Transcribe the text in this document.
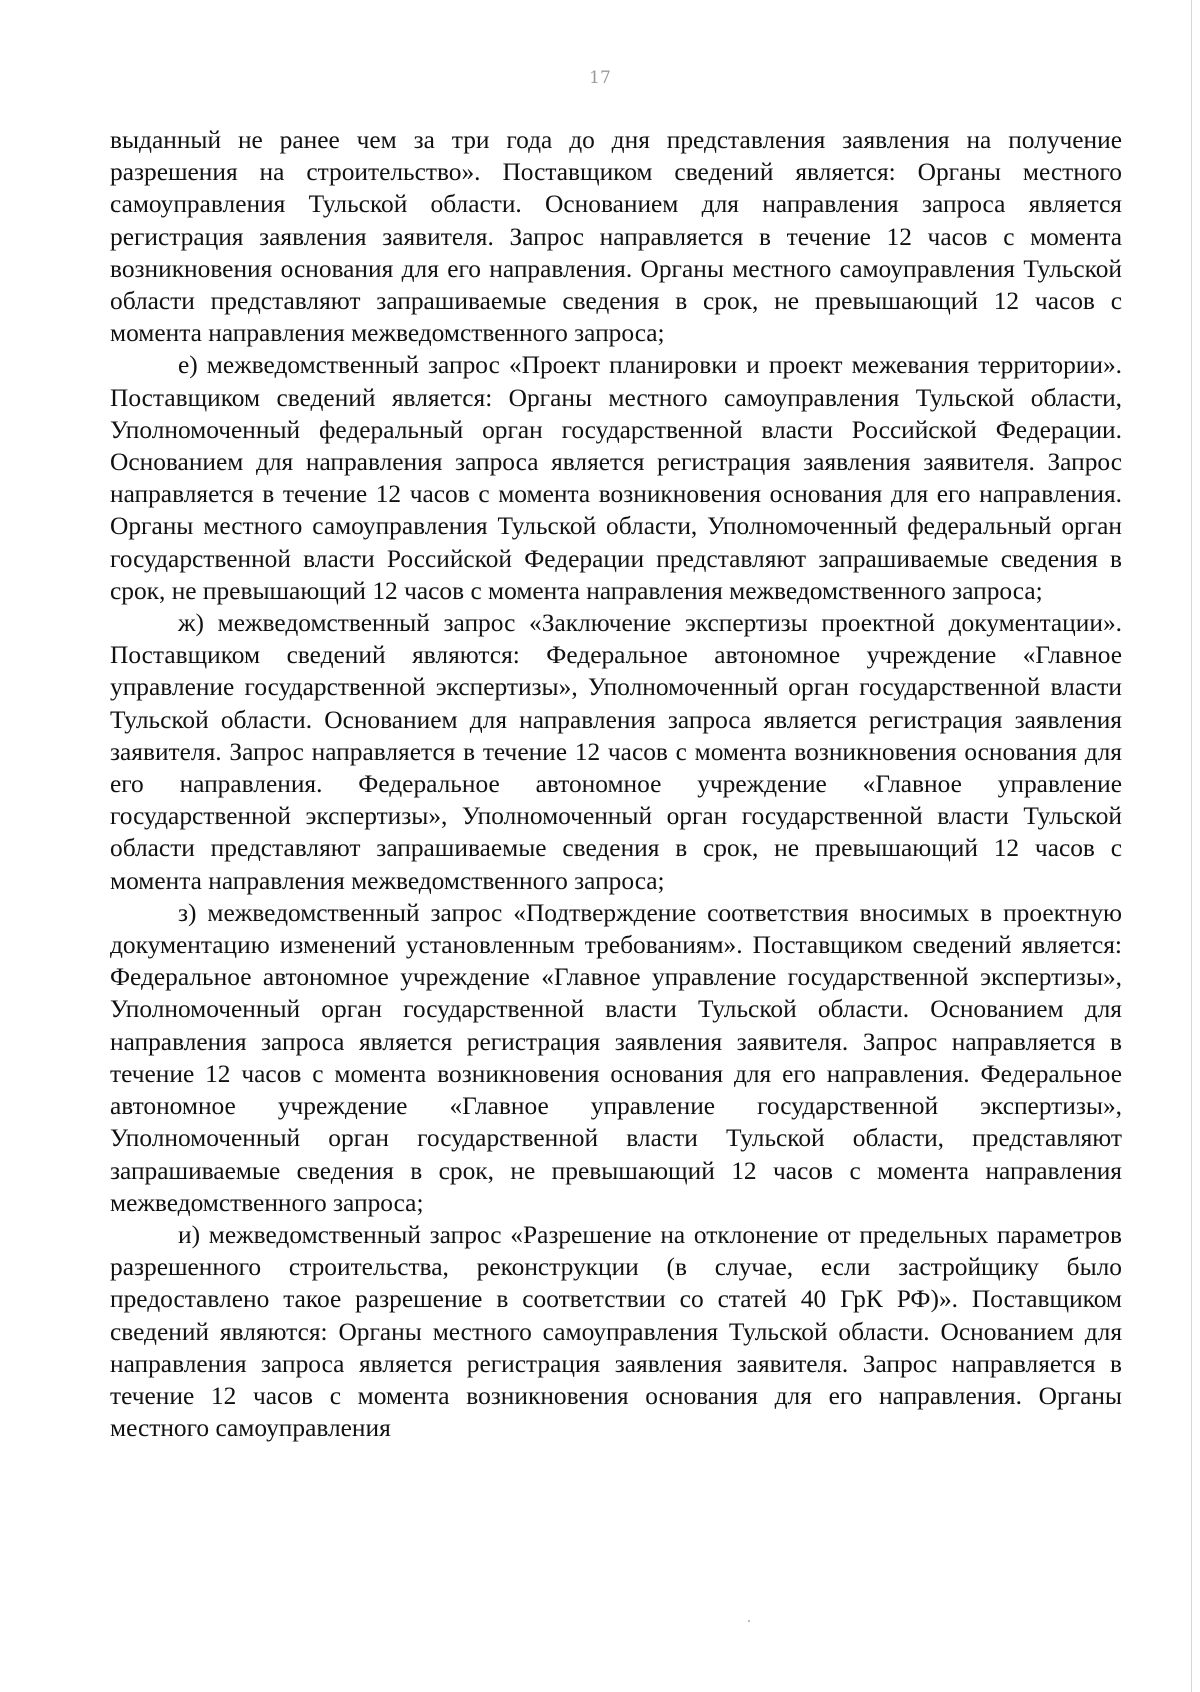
17

выданный не ранее чем за три года до дня представления заявления на получение разрешения на строительство». Поставщиком сведений является: Органы местного самоуправления Тульской области. Основанием для направления запроса является регистрация заявления заявителя. Запрос направляется в течение 12 часов с момента возникновения основания для его направления. Органы местного самоуправления Тульской области представляют запрашиваемые сведения в срок, не превышающий 12 часов с момента направления межведомственного запроса;

е) межведомственный запрос «Проект планировки и проект межевания территории». Поставщиком сведений является: Органы местного самоуправления Тульской области, Уполномоченный федеральный орган государственной власти Российской Федерации. Основанием для направления запроса является регистрация заявления заявителя. Запрос направляется в течение 12 часов с момента возникновения основания для его направления. Органы местного самоуправления Тульской области, Уполномоченный федеральный орган государственной власти Российской Федерации представляют запрашиваемые сведения в срок, не превышающий 12 часов с момента направления межведомственного запроса;

ж) межведомственный запрос «Заключение экспертизы проектной документации». Поставщиком сведений являются: Федеральное автономное учреждение «Главное управление государственной экспертизы», Уполномоченный орган государственной власти Тульской области. Основанием для направления запроса является регистрация заявления заявителя. Запрос направляется в течение 12 часов с момента возникновения основания для его направления. Федеральное автономное учреждение «Главное управление государственной экспертизы», Уполномоченный орган государственной власти Тульской области представляют запрашиваемые сведения в срок, не превышающий 12 часов с момента направления межведомственного запроса;

з) межведомственный запрос «Подтверждение соответствия вносимых в проектную документацию изменений установленным требованиям». Поставщиком сведений является: Федеральное автономное учреждение «Главное управление государственной экспертизы», Уполномоченный орган государственной власти Тульской области. Основанием для направления запроса является регистрация заявления заявителя. Запрос направляется в течение 12 часов с момента возникновения основания для его направления. Федеральное автономное учреждение «Главное управление государственной экспертизы», Уполномоченный орган государственной власти Тульской области, представляют запрашиваемые сведения в срок, не превышающий 12 часов с момента направления межведомственного запроса;

и) межведомственный запрос «Разрешение на отклонение от предельных параметров разрешенного строительства, реконструкции (в случае, если застройщику было предоставлено такое разрешение в соответствии со статей 40 ГрК РФ)». Поставщиком сведений являются: Органы местного самоуправления Тульской области. Основанием для направления запроса является регистрация заявления заявителя. Запрос направляется в течение 12 часов с момента возникновения основания для его направления. Органы местного самоуправления
